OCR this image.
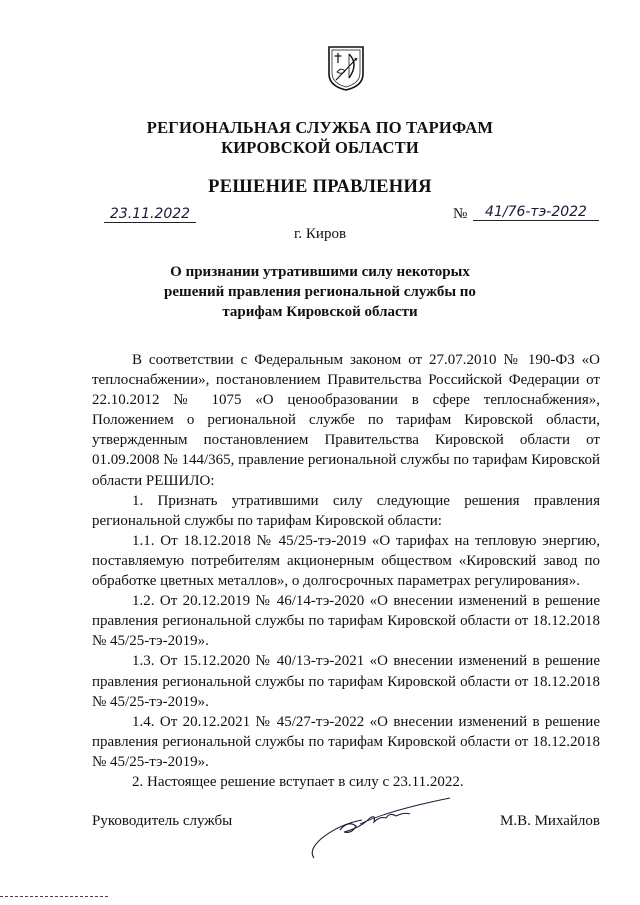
РЕГИОНАЛЬНАЯ СЛУЖБА ПО ТАРИФАМ
КИРОВСКОЙ ОБЛАСТИ
РЕШЕНИЕ ПРАВЛЕНИЯ
23.11.2022	№	41/76-тэ-2022
г. Киров
О признании утратившими силу некоторых
решений правления региональной службы по
тарифам Кировской области

В соответствии с Федеральным законом от 27.07.2010 № 190-ФЗ «О теплоснабжении», постановлением Правительства Российской Федерации от 22.10.2012 № 1075 «О ценообразовании в сфере теплоснабжения», Положением о региональной службе по тарифам Кировской области, утвержденным постановлением Правительства Кировской области от 01.09.2008 № 144/365, правление региональной службы по тарифам Кировской области РЕШИЛО:

1. Признать утратившими силу следующие решения правления региональной службы по тарифам Кировской области:

1.1. От 18.12.2018 № 45/25-тэ-2019 «О тарифах на тепловую энергию, поставляемую потребителям акционерным обществом «Кировский завод по обработке цветных металлов», о долгосрочных параметрах регулирования».

1.2. От 20.12.2019 № 46/14-тэ-2020 «О внесении изменений в решение правления региональной службы по тарифам Кировской области от 18.12.2018 № 45/25-тэ-2019».

1.3. От 15.12.2020 № 40/13-тэ-2021 «О внесении изменений в решение правления региональной службы по тарифам Кировской области от 18.12.2018 № 45/25-тэ-2019».

1.4. От 20.12.2021 № 45/27-тэ-2022 «О внесении изменений в решение правления региональной службы по тарифам Кировской области от 18.12.2018 № 45/25-тэ-2019».

2. Настоящее решение вступает в силу с 23.11.2022.

Руководитель службы	М.В. Михайлов
